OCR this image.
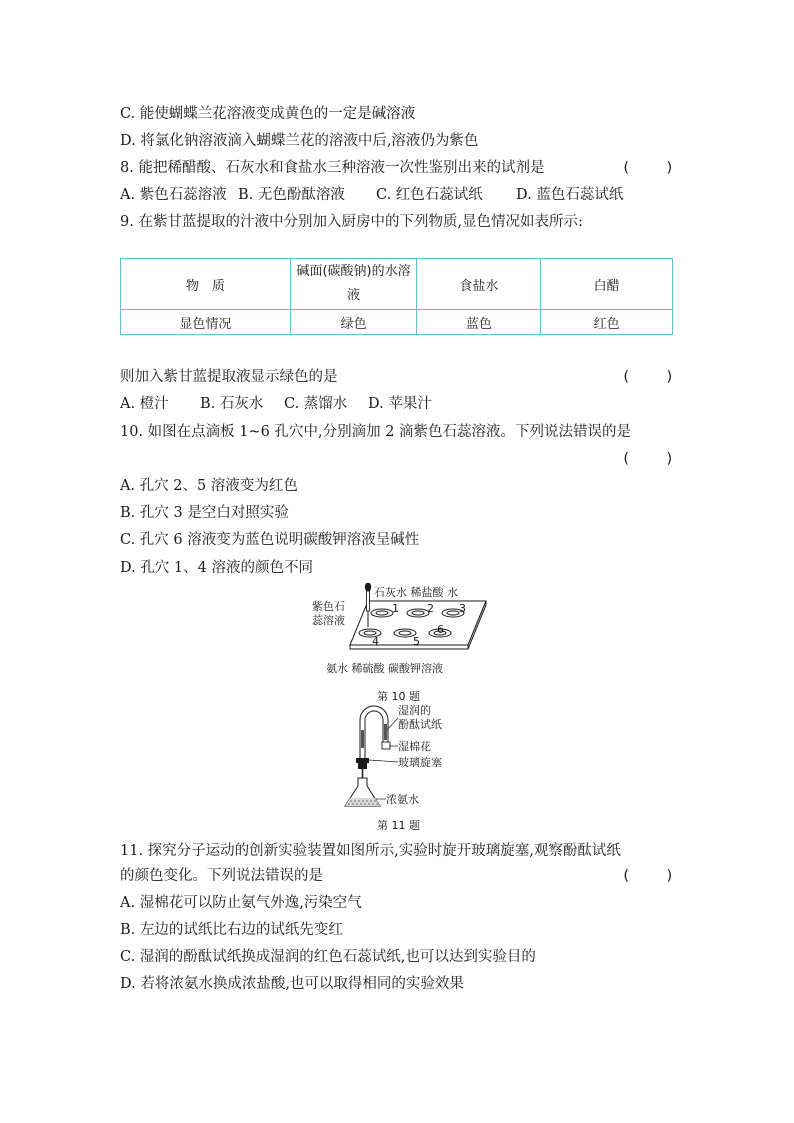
C. 能使蝴蝶兰花溶液变成黄色的一定是碱溶液
D. 将氯化钠溶液滴入蝴蝶兰花的溶液中后,溶液仍为紫色
8. 能把稀醋酸、石灰水和食盐水三种溶液一次性鉴别出来的试剂是	(    )
A. 紫色石蕊溶液 B. 无色酚酞溶液 C. 红色石蕊试纸 D. 蓝色石蕊试纸
9. 在紫甘蓝提取的汁液中分别加入厨房中的下列物质,显色情况如表所示:
物　质	碱面(碳酸钠)的水溶液	食盐水	白醋
显色情况	绿色	蓝色	红色
则加入紫甘蓝提取液显示绿色的是	(    )
A. 橙汁 B. 石灰水 C. 蒸馏水 D. 苹果汁
10. 如图在点滴板 1~6 孔穴中,分别滴加 2 滴紫色石蕊溶液。下列说法错误的是
(    )
A. 孔穴 2、5 溶液变为红色
B. 孔穴 3 是空白对照实验
C. 孔穴 6 溶液变为蓝色说明碳酸钾溶液呈碱性
D. 孔穴 1、4 溶液的颜色不同
石灰水 稀盐酸 水
紫色石
蕊溶液
1	2 3
4	5
6
氨水 稀硫酸 碳酸钾溶液
第 10 题
湿润的
酚酞试纸
湿棉花
玻璃旋塞
浓氨水
第 11 题
11. 探究分子运动的创新实验装置如图所示,实验时旋开玻璃旋塞,观察酚酞试纸
的颜色变化。下列说法错误的是	(    )
A. 湿棉花可以防止氨气外逸,污染空气
B. 左边的试纸比右边的试纸先变红
C. 湿润的酚酞试纸换成湿润的红色石蕊试纸,也可以达到实验目的
D. 若将浓氨水换成浓盐酸,也可以取得相同的实验效果
